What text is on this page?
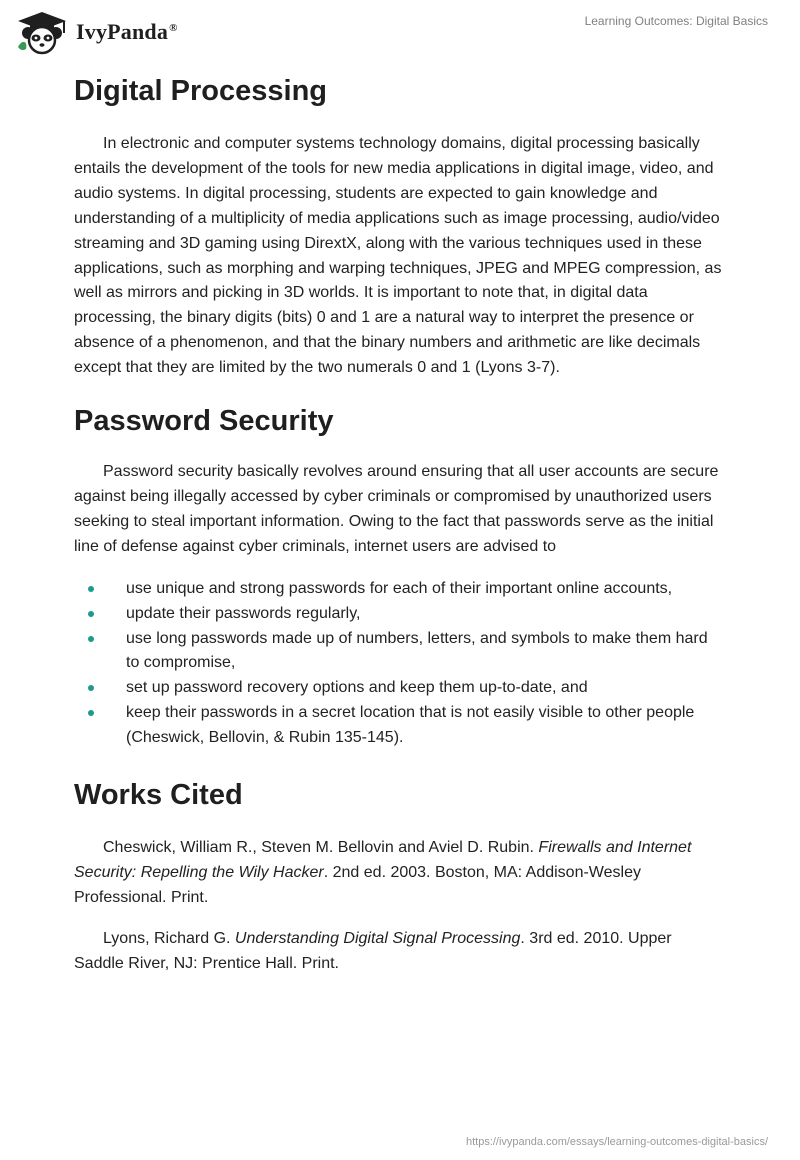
IvyPanda®	Learning Outcomes: Digital Basics
Digital Processing

In electronic and computer systems technology domains, digital processing basically entails the development of the tools for new media applications in digital image, video, and audio systems. In digital processing, students are expected to gain knowledge and understanding of a multiplicity of media applications such as image processing, audio/video streaming and 3D gaming using DirextX, along with the various techniques used in these applications, such as morphing and warping techniques, JPEG and MPEG compression, as well as mirrors and picking in 3D worlds. It is important to note that, in digital data processing, the binary digits (bits) 0 and 1 are a natural way to interpret the presence or absence of a phenomenon, and that the binary numbers and arithmetic are like decimals except that they are limited by the two numerals 0 and 1 (Lyons 3-7).

Password Security

Password security basically revolves around ensuring that all user accounts are secure against being illegally accessed by cyber criminals or compromised by unauthorized users seeking to steal important information. Owing to the fact that passwords serve as the initial line of defense against cyber criminals, internet users are advised to

use unique and strong passwords for each of their important online accounts,
update their passwords regularly,
use long passwords made up of numbers, letters, and symbols to make them hard to compromise,
set up password recovery options and keep them up-to-date, and
keep their passwords in a secret location that is not easily visible to other people (Cheswick, Bellovin, & Rubin 135-145).
Works Cited

Cheswick, William R., Steven M. Bellovin and Aviel D. Rubin. Firewalls and Internet Security: Repelling the Wily Hacker. 2nd ed. 2003. Boston, MA: Addison-Wesley Professional. Print.

Lyons, Richard G. Understanding Digital Signal Processing. 3rd ed. 2010. Upper Saddle River, NJ: Prentice Hall. Print.

https://ivypanda.com/essays/learning-outcomes-digital-basics/
